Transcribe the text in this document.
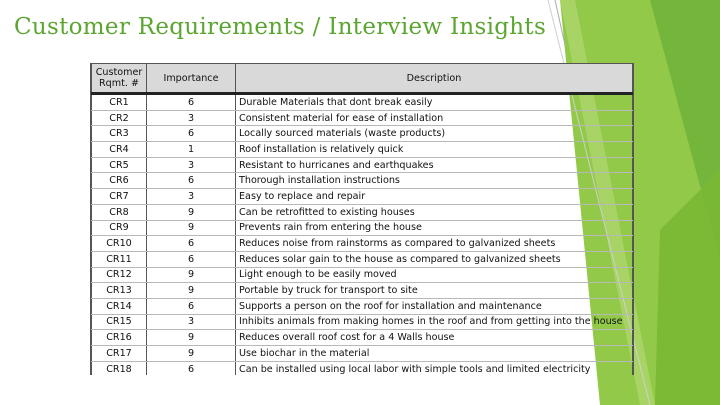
Customer Requirements / Interview Insights
Customer Rqmt. #	Importance	Description
CR1	6	Durable Materials that dont break easily
CR2	3	Consistent material for ease of installation
CR3	6	Locally sourced materials (waste products)
CR4	1	Roof installation is relatively quick
CR5	3	Resistant to hurricanes and earthquakes
CR6	6	Thorough installation instructions
CR7	3	Easy to replace and repair
CR8	9	Can be retrofitted to existing houses
CR9	9	Prevents rain from entering the house
CR10	6	Reduces noise from rainstorms as compared to galvanized sheets
CR11	6	Reduces solar gain to the house as compared to galvanized sheets
CR12	9	Light enough to be easily moved
CR13	9	Portable by truck for transport to site
CR14	6	Supports a person on the roof for installation and maintenance
CR15	3	Inhibits animals from making homes in the roof and from getting into the house
CR16	9	Reduces overall roof cost for a 4 Walls house
CR17	9	Use biochar in the material
CR18	6	Can be installed using local labor with simple tools and limited electricity
